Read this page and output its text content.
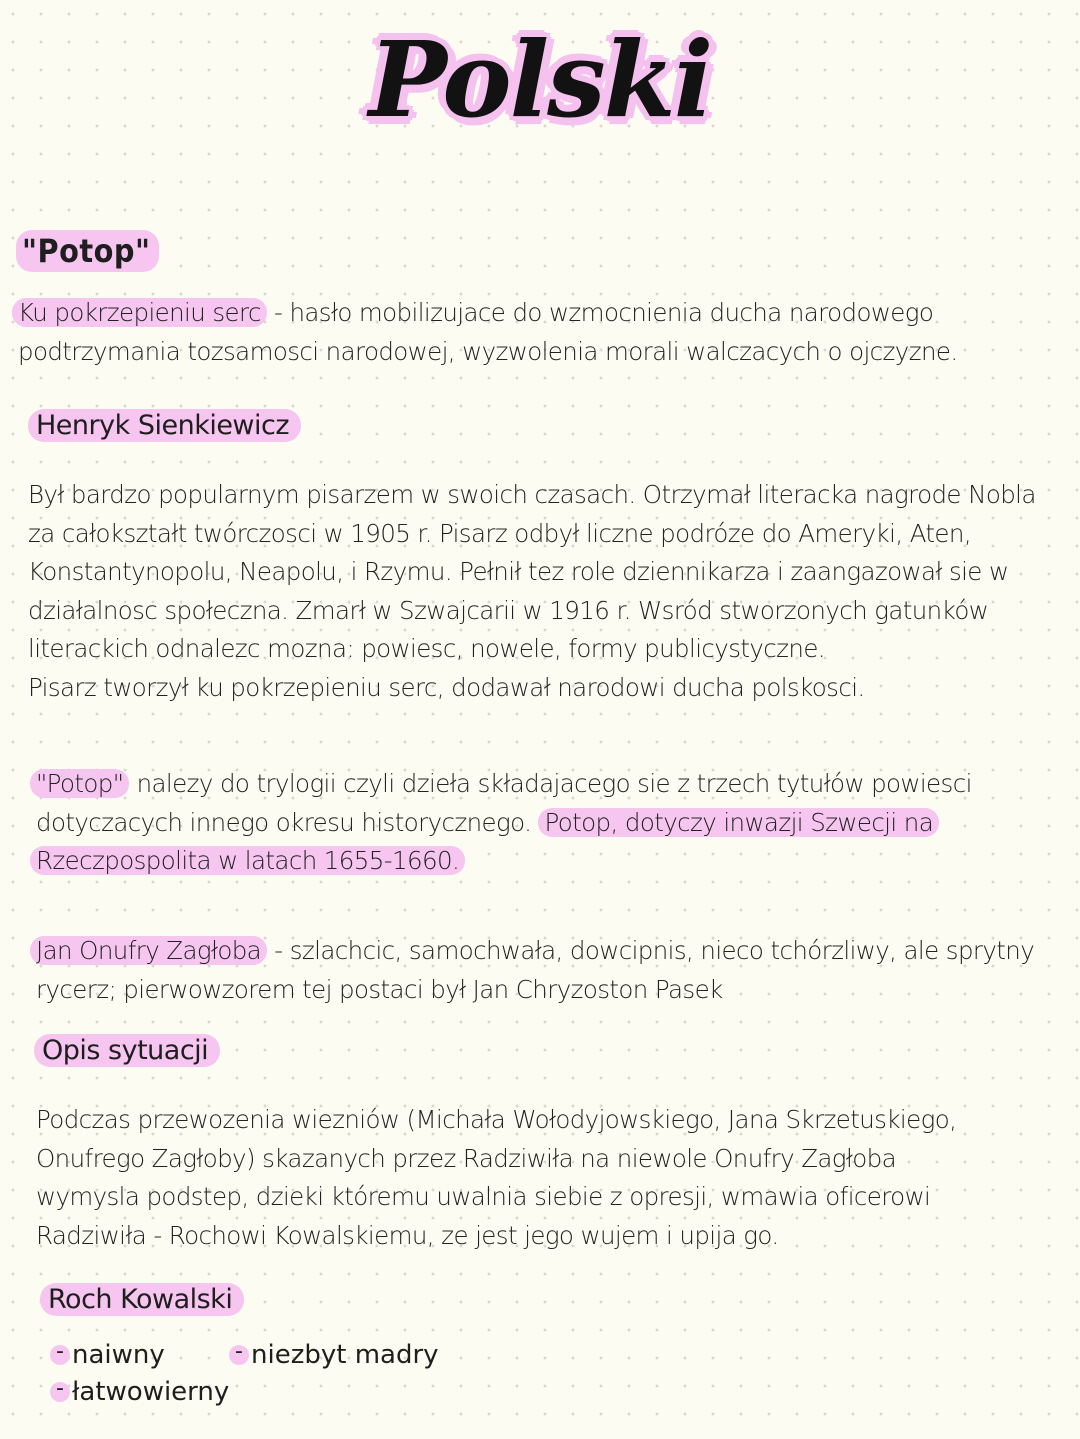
Polski
"Potop"
Ku pokrzepieniu serc - hasło mobilizujace do wzmocnienia ducha narodowego
podtrzymania tozsamosci narodowej, wyzwolenia morali walczacych o ojczyzne.
Henryk Sienkiewicz
Był bardzo popularnym pisarzem w swoich czasach. Otrzymał literacka nagrode Nobla
za całokształt twórczosci w 1905 r. Pisarz odbył liczne podróze do Ameryki, Aten,
Konstantynopolu, Neapolu, i Rzymu. Pełnił tez role dziennikarza i zaangazował sie w
działalnosc społeczna. Zmarł w Szwajcarii w 1916 r. Wsród stworzonych gatunków
literackich odnalezc mozna: powiesc, nowele, formy publicystyczne.
Pisarz tworzył ku pokrzepieniu serc, dodawał narodowi ducha polskosci.
"Potop" nalezy do trylogii czyli dzieła składajacego sie z trzech tytułów powiesci
dotyczacych innego okresu historycznego. Potop, dotyczy inwazji Szwecji na
Rzeczpospolita w latach 1655-1660.
Jan Onufry Zagłoba - szlachcic, samochwała, dowcipnis, nieco tchórzliwy, ale sprytny
rycerz; pierwowzorem tej postaci był Jan Chryzoston Pasek
Opis sytuacji
Podczas przewozenia wiezniów (Michała Wołodyjowskiego, Jana Skrzetuskiego,
Onufrego Zagłoby) skazanych przez Radziwiła na niewole Onufry Zagłoba
wymysla podstep, dzieki któremu uwalnia siebie z opresji, wmawia oficerowi
Radziwiła - Rochowi Kowalskiemu, ze jest jego wujem i upija go.
Roch Kowalski
-
naiwny -	niezbyt madry
-
łatwowierny
